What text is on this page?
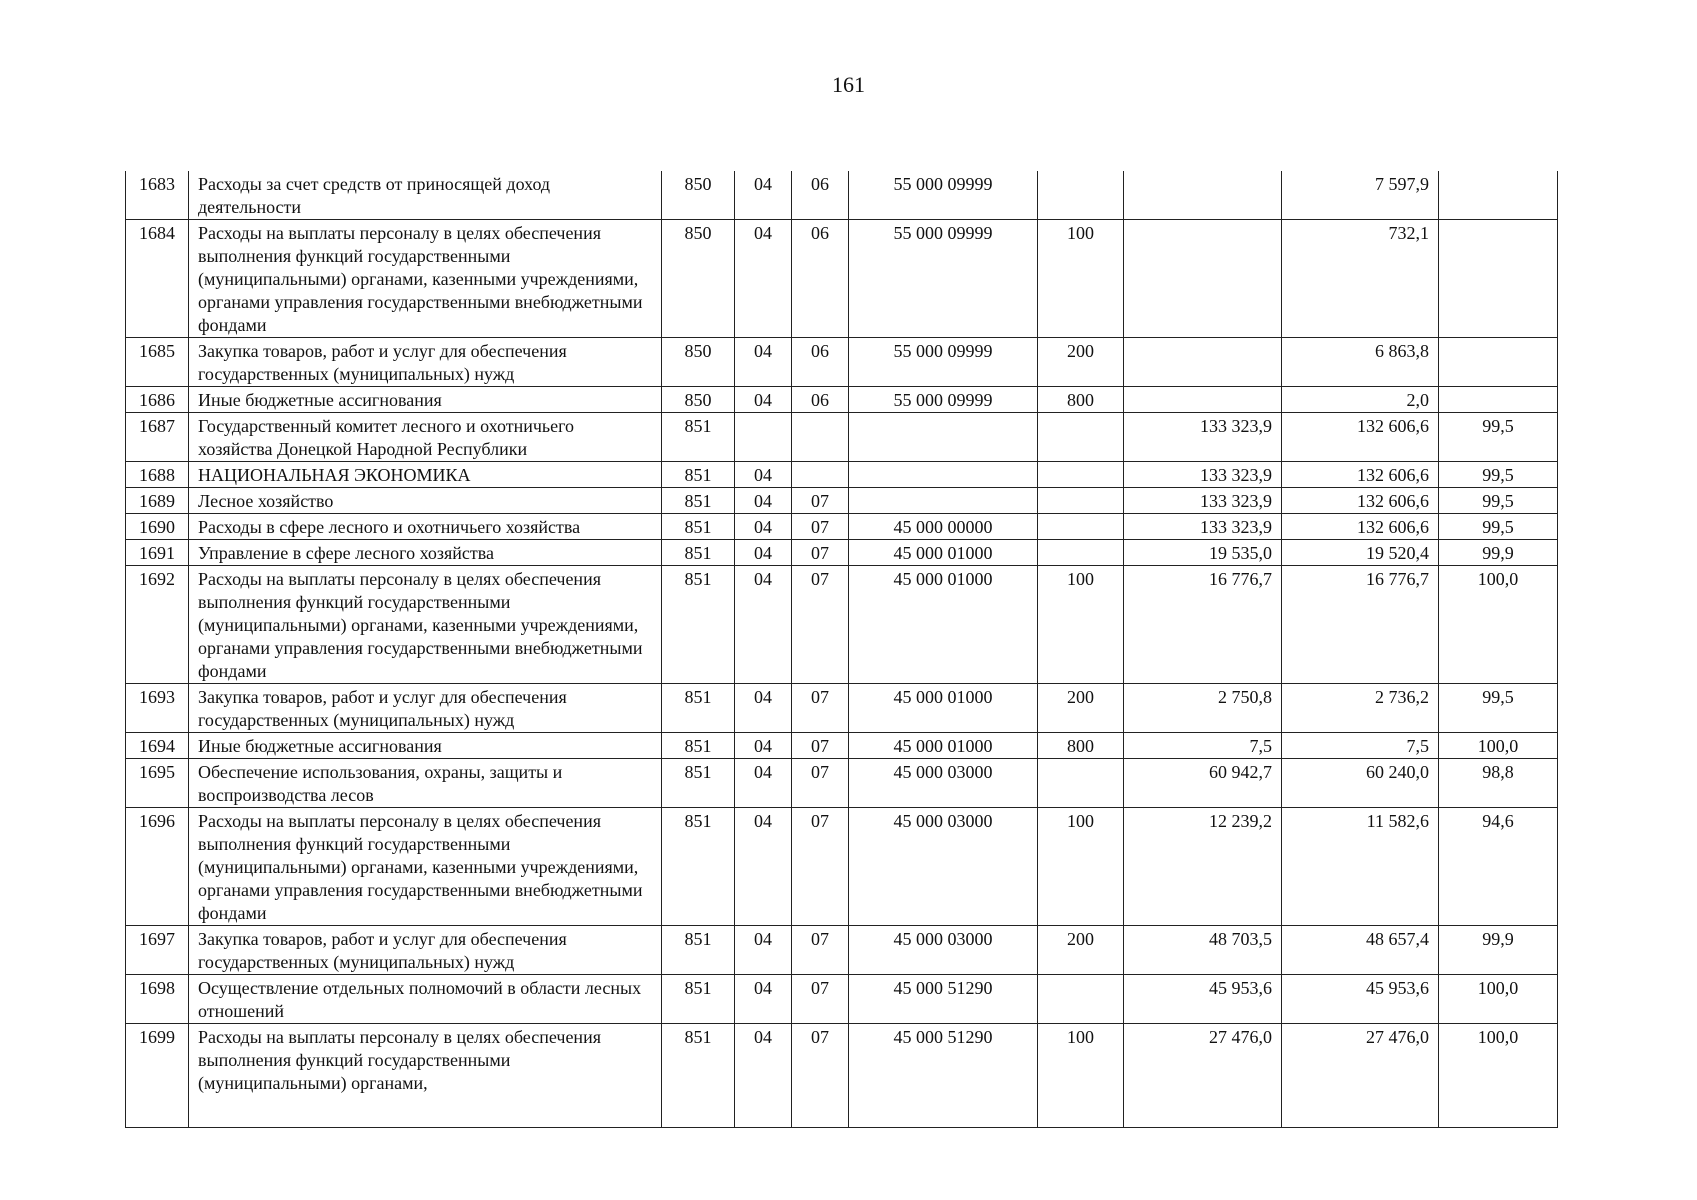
161
1683	Расходы за счет средств от приносящей доход деятельности	850	04	06	55 000 09999			7 597,9	
1684	Расходы на выплаты персоналу в целях обеспечения выполнения функций государственными (муниципальными) органами, казенными учреждениями, органами управления государственными внебюджетными фондами	850	04	06	55 000 09999	100		732,1	
1685	Закупка товаров, работ и услуг для обеспечения государственных (муниципальных) нужд	850	04	06	55 000 09999	200		6 863,8	
1686	Иные бюджетные ассигнования	850	04	06	55 000 09999	800		2,0	
1687	Государственный комитет лесного и охотничьего хозяйства Донецкой Народной Республики	851					133 323,9	132 606,6	99,5
1688	НАЦИОНАЛЬНАЯ ЭКОНОМИКА	851	04				133 323,9	132 606,6	99,5
1689	Лесное хозяйство	851	04	07			133 323,9	132 606,6	99,5
1690	Расходы в сфере лесного и охотничьего хозяйства	851	04	07	45 000 00000		133 323,9	132 606,6	99,5
1691	Управление в сфере лесного хозяйства	851	04	07	45 000 01000		19 535,0	19 520,4	99,9
1692	Расходы на выплаты персоналу в целях обеспечения выполнения функций государственными (муниципальными) органами, казенными учреждениями, органами управления государственными внебюджетными фондами	851	04	07	45 000 01000	100	16 776,7	16 776,7	100,0
1693	Закупка товаров, работ и услуг для обеспечения государственных (муниципальных) нужд	851	04	07	45 000 01000	200	2 750,8	2 736,2	99,5
1694	Иные бюджетные ассигнования	851	04	07	45 000 01000	800	7,5	7,5	100,0
1695	Обеспечение использования, охраны, защиты и воспроизводства лесов	851	04	07	45 000 03000		60 942,7	60 240,0	98,8
1696	Расходы на выплаты персоналу в целях обеспечения выполнения функций государственными (муниципальными) органами, казенными учреждениями, органами управления государственными внебюджетными фондами	851	04	07	45 000 03000	100	12 239,2	11 582,6	94,6
1697	Закупка товаров, работ и услуг для обеспечения государственных (муниципальных) нужд	851	04	07	45 000 03000	200	48 703,5	48 657,4	99,9
1698	Осуществление отдельных полномочий в области лесных отношений	851	04	07	45 000 51290		45 953,6	45 953,6	100,0
1699	Расходы на выплаты персоналу в целях обеспечения выполнения функций государственными (муниципальными) органами,	851	04	07	45 000 51290	100	27 476,0	27 476,0	100,0
